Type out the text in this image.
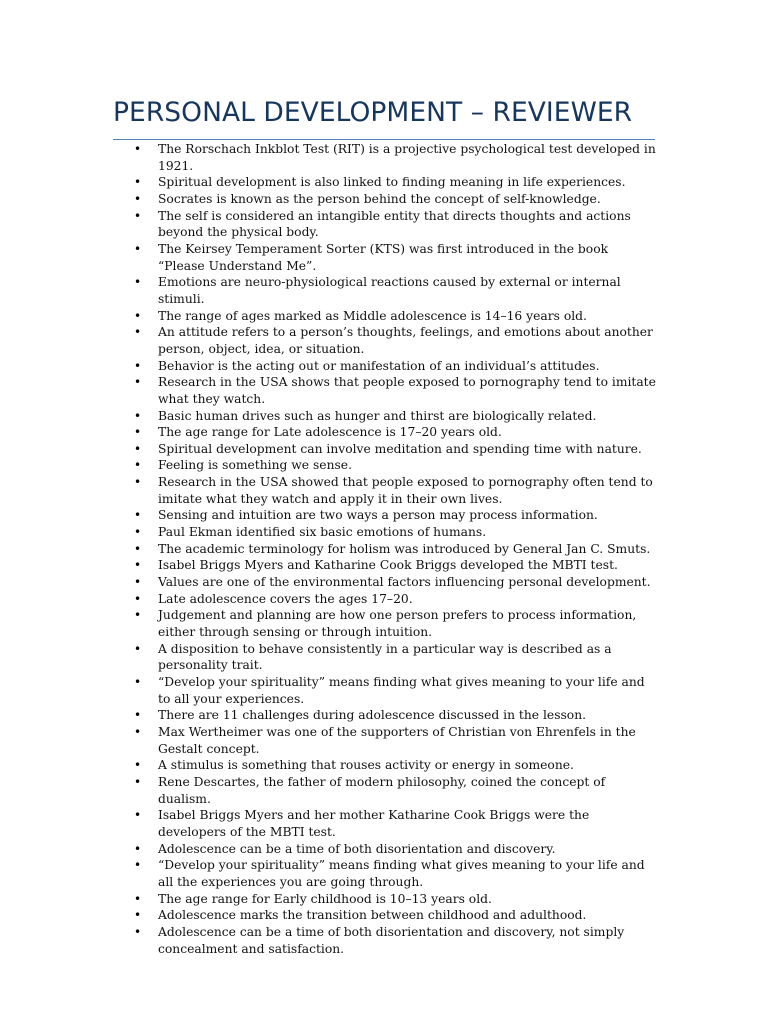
PERSONAL DEVELOPMENT – REVIEWER
• The Rorschach Inkblot Test (RIT) is a projective psychological test developed in 1921.
• Spiritual development is also linked to finding meaning in life experiences.
• Socrates is known as the person behind the concept of self-knowledge.
• The self is considered an intangible entity that directs thoughts and actions beyond the physical body.
• The Keirsey Temperament Sorter (KTS) was first introduced in the book “Please Understand Me”.
• Emotions are neuro-physiological reactions caused by external or internal stimuli.
• The range of ages marked as Middle adolescence is 14–16 years old.
• An attitude refers to a person’s thoughts, feelings, and emotions about another person, object, idea, or situation.
• Behavior is the acting out or manifestation of an individual’s attitudes.
• Research in the USA shows that people exposed to pornography tend to imitate what they watch.
• Basic human drives such as hunger and thirst are biologically related.
• The age range for Late adolescence is 17–20 years old.
• Spiritual development can involve meditation and spending time with nature.
• Feeling is something we sense.
• Research in the USA showed that people exposed to pornography often tend to imitate what they watch and apply it in their own lives.
• Sensing and intuition are two ways a person may process information.
• Paul Ekman identified six basic emotions of humans.
• The academic terminology for holism was introduced by General Jan C. Smuts.
• Isabel Briggs Myers and Katharine Cook Briggs developed the MBTI test.
• Values are one of the environmental factors influencing personal development.
• Late adolescence covers the ages 17–20.
• Judgement and planning are how one person prefers to process information, either through sensing or through intuition.
• A disposition to behave consistently in a particular way is described as a personality trait.
• “Develop your spirituality” means finding what gives meaning to your life and to all your experiences.
• There are 11 challenges during adolescence discussed in the lesson.
• Max Wertheimer was one of the supporters of Christian von Ehrenfels in the Gestalt concept.
• A stimulus is something that rouses activity or energy in someone.
• Rene Descartes, the father of modern philosophy, coined the concept of dualism.
• Isabel Briggs Myers and her mother Katharine Cook Briggs were the developers of the MBTI test.
• Adolescence can be a time of both disorientation and discovery.
• “Develop your spirituality” means finding what gives meaning to your life and all the experiences you are going through.
• The age range for Early childhood is 10–13 years old.
• Adolescence marks the transition between childhood and adulthood.
• Adolescence can be a time of both disorientation and discovery, not simply concealment and satisfaction.
